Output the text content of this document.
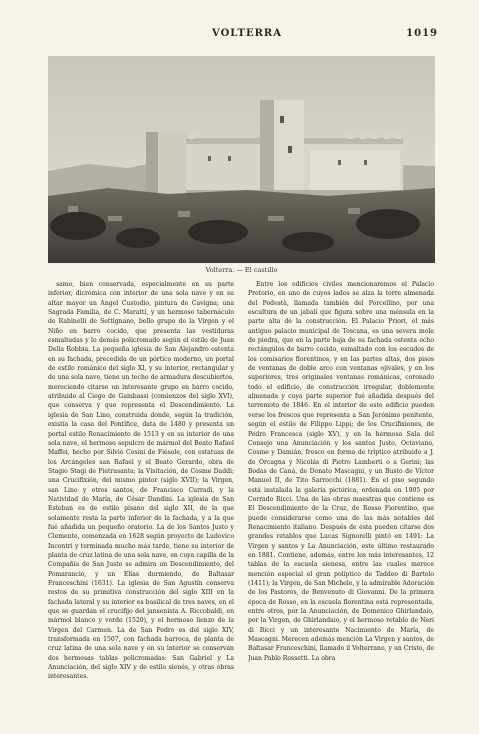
VOLTERRA	1019
Volterra. — El castillo

samo, bien conservada, especialmente en su parte inferior, dicrómica con interior de una sola nave y en su altar mayor un Angel Custodio, pintura de Cavigna; una Sagrada Familia, de C. Maratti, y un hermoso tabernáculo de Rabinelli de Settignano, bello grupo de la Virgen y el Niño en barro cocido, que presenta las vestiduras esmaltadas y lo demás policromado según el estilo de Juan Della Robbia. La pequeña iglesia de San Alejandro ostenta en su fachada, precedida de un pórtico moderno, un portal de estilo románico del siglo XI, y su interior, rectangular y de una sola nave, tiene un techo de armadura descubiertos, mereciendo citarse un interesante grupo en barro cocido, atribuido al Ciego de Gambassi (comienzos del siglo XVI), que conserva y que representa el Descendimiento. La iglesia de San Lino, construida donde, según la tradición, existía la casa del Pontífice, data de 1480 y presenta un portal estilo Renacimiento de 1513 y en su interior de una sola nave, el hermoso sepulcro de mármol del Beato Rafael Maffei, hecho por Silvio Cosini de Fiésole, con estatuas de los Arcángeles san Rafael y el Beato Gerardo, obra de Stagio Stagi de Pietrasanta; la Visitación, de Cosme Daddi; una Crucifixión, del mismo pintor (siglo XVII); la Virgen, san Lino y otros santos, de Francisco Curradi, y la Natividad de María, de César Dandini. La iglesia de San Esteban es de estilo pisano del siglo XII, de la que solamente resta la parte inferior de la fachada, y a la que fué añadida un pequeño oratorio. La de los Santos Justo y Clemente, comenzada en 1628 según proyecto de Ludovico Incontri y terminada mucho más tarde, tiene su interior de planta de cruz latina de una sola nave, en cuya capilla de la Compañía de San Justo se admira un Descendimiento, del Pomarancio, y un Elías durmiendo, de Baltasar Franceschini (1631). La iglesia de San Agustín conserva restos de su primitiva construcción del siglo XIII en la fachada lateral y su interior es basilical de tres naves, en el que se guardan el crucifijo del jansenista A. Riccobaldi, en mármol blanco y verde (1520), y el hermoso lienzo de la Virgen del Carmen. La de San Pedro es del siglo XIV, transformada en 1507, con fachada barroca, de planta de cruz latina de una sola nave y en su interior se conservan dos hermosas tablas policromadas: San Gabriel y La Anunciación, del siglo XIV y de estilo sienés, y otras obras interesantes.

Entre los edificios civiles mencionaremos el Palacio Pretorio, en uno de cuyos lados se alza la torre almenada del Podestà, llamada también del Porcellino, por una escultura de un jabalí que figura sobre una ménsula en la parte alta de la construcción. El Palacio Priori, el más antiguo palacio municipal de Toscana, es una severa mole de piedra, que en la parte baja de su fachada ostenta ocho rectángulos de barro cocido, esmaltado con los escudos de los comisarios florentinos, y en las partes altas, dos pisos de ventanas de doble arco con ventanas ojivales, y en los superiores, tres originales ventanas románicas, coronado todo el edificio, de construcción irregular, doblemente almenada y cuya parte superior fué añadida después del terremoto de 1846. En el interior de este edificio pueden verse los frescos que representa a San Jerónimo penitente, según el estilo de Filippo Lippi; de los Crucifixiones, de Pedro Francesca (siglo XV), y en la hermosa Sala del Consejo una Anunciación y los santos Justo, Octaviano, Cosme y Damián, fresco en forma de tríptico atribuido a J. de Orcagna y Nicolás di Pietro Lamberti o a Gerini; las Bodas de Caná, de Donato Mascagni, y un Busto de Víctor Manuel II, de Tito Sarrocchi (1881). En el piso segundo está instalada la galería pictórica, ordenada en 1905 por Corrado Ricci. Una de las obras maestras que contiene es El Descendimiento de la Cruz, de Rosso Fiorentino, que puede considerarse como una de las más notables del Renacimiento italiano. Después de ésta pueden citarse dos grandes retablos que Lucas Signorelli pintó en 1491: La Virgen y santos y La Anunciación, este último restaurado en 1881. Contiene, además, entre los más interesantes, 12 tablas de la escuela sienesa, entre las cuales merece mención especial el gran políptico de Taddeo di Bartolo (1411); la Virgen, de San Michele, y la admirable Adoración de los Pastores, de Benvenuto di Giovanni. De la primera época de Rosso, en la escuela florentina está representada, entre otros, por la Anunciación, de Domenico Ghirlandaio, por la Virgen, de Ghirlandaio, y el hermoso retablo de Neri di Bicci y un interesante Nacimiento de María, de Mascagni. Merecen además mención La Virgen y santos, de Baltasar Franceschini, llamado il Volterrano, y un Cristo, de Juan Pablo Rossetti. La obra
